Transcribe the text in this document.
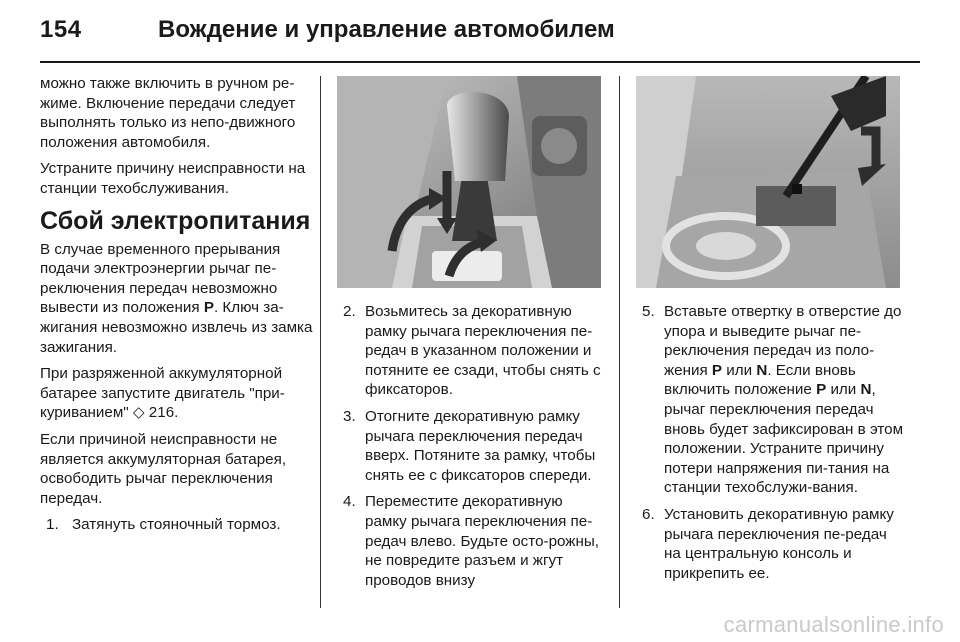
154	Вождение и управление автомобилем

можно также включить в ручном ре-жиме. Включение передачи следует выполнять только из непо-движного положения автомобиля.

Устраните причину неисправности на станции техобслуживания.

Сбой электропитания

В случае временного прерывания подачи электроэнергии рычаг пе-реключения передач невозможно вывести из положения P. Ключ за-жигания невозможно извлечь из замка зажигания.

При разряженной аккумуляторной батарее запустите двигатель "при-куриванием" ◇ 216.

Если причиной неисправности не является аккумуляторная батарея, освободить рычаг переключения передач.

1. Затянуть стояночный тормоз.
2. Возьмитесь за декоративную рамку рычага переключения пе-редач в указанном положении и потяните ее сзади, чтобы снять с фиксаторов.
3. Отогните декоративную рамку рычага переключения передач вверх. Потяните за рамку, чтобы снять ее с фиксаторов спереди.
4. Переместите декоративную рамку рычага переключения пе-редач влево. Будьте осто-рожны, не повредите разъем и жгут проводов внизу
5. Вставьте отвертку в отверстие до упора и выведите рычаг пе-реключения передач из поло-жения P или N. Если вновь включить положение P или N, рычаг переключения передач вновь будет зафиксирован в этом положении. Устраните причину потери напряжения пи-тания на станции техобслужи-вания.
6. Установить декоративную рамку рычага переключения пе-редач на центральную консоль и прикрепить ее.
carmanualsonline.info
